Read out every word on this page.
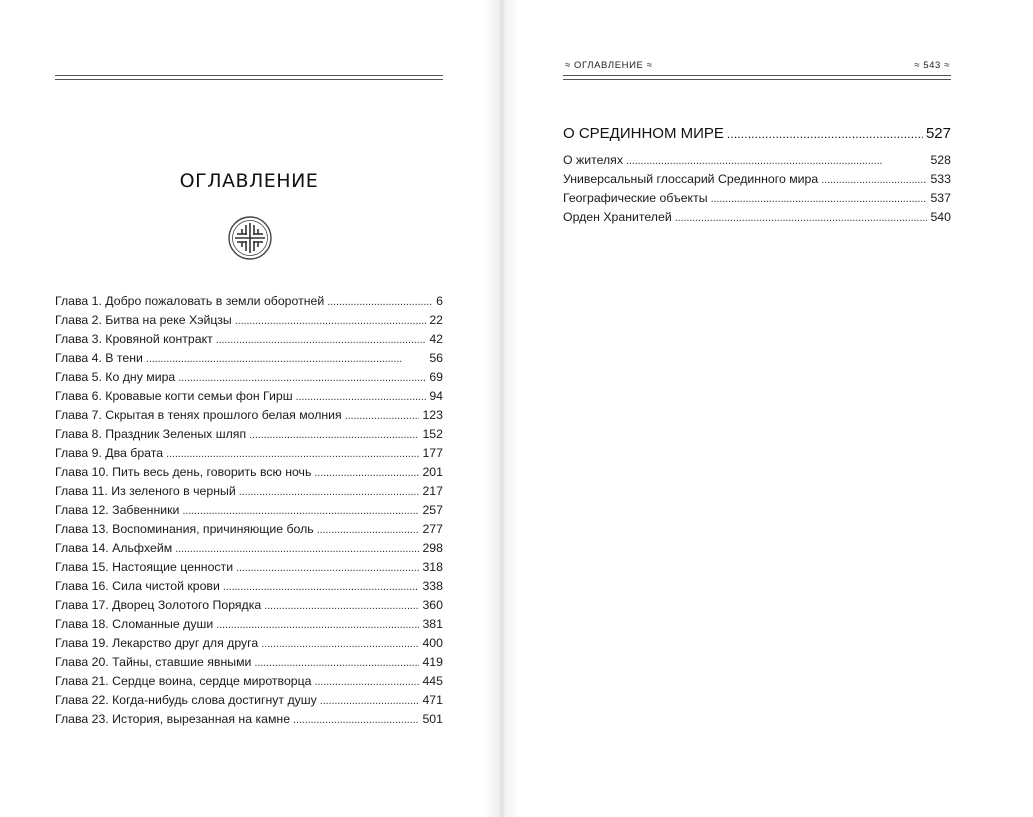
ОГЛАВЛЕНИЕ
Глава 1. Добро пожаловать в земли оборотней . . .	6
Глава 2. Битва на реке Хэйцзы . . .	22
Глава 3. Кровяной контракт . . .	42
Глава 4. В тени . . .	56
Глава 5. Ко дну мира . . .	69
Глава 6. Кровавые когти семьи фон Гирш . . .	94
Глава 7. Скрытая в тенях прошлого белая молния . . .	123
Глава 8. Праздник Зеленых шляп . . .	152
Глава 9. Два брата . . .	177
Глава 10. Пить весь день, говорить всю ночь . . .	201
Глава 11. Из зеленого в черный . . .	217
Глава 12. Забвенники . . .	257
Глава 13. Воспоминания, причиняющие боль . . .	277
Глава 14. Альфхейм . . .	298
Глава 15. Настоящие ценности . . .	318
Глава 16. Сила чистой крови . . .	338
Глава 17. Дворец Золотого Порядка . . .	360
Глава 18. Сломанные души . . .	381
Глава 19. Лекарство друг для друга . . .	400
Глава 20. Тайны, ставшие явными . . .	419
Глава 21. Сердце воина, сердце миротворца . . .	445
Глава 22. Когда-нибудь слова достигнут душу . . .	471
Глава 23. История, вырезанная на камне . . .	501
≈ ОГЛАВЛЕНИЕ ≈	≈ 543 ≈
О СРЕДИННОМ МИРЕ . . .	527
О жителях . . .	528
Универсальный глоссарий Срединного мира . . .	533
Географические объекты . . .	537
Орден Хранителей . . .	540
